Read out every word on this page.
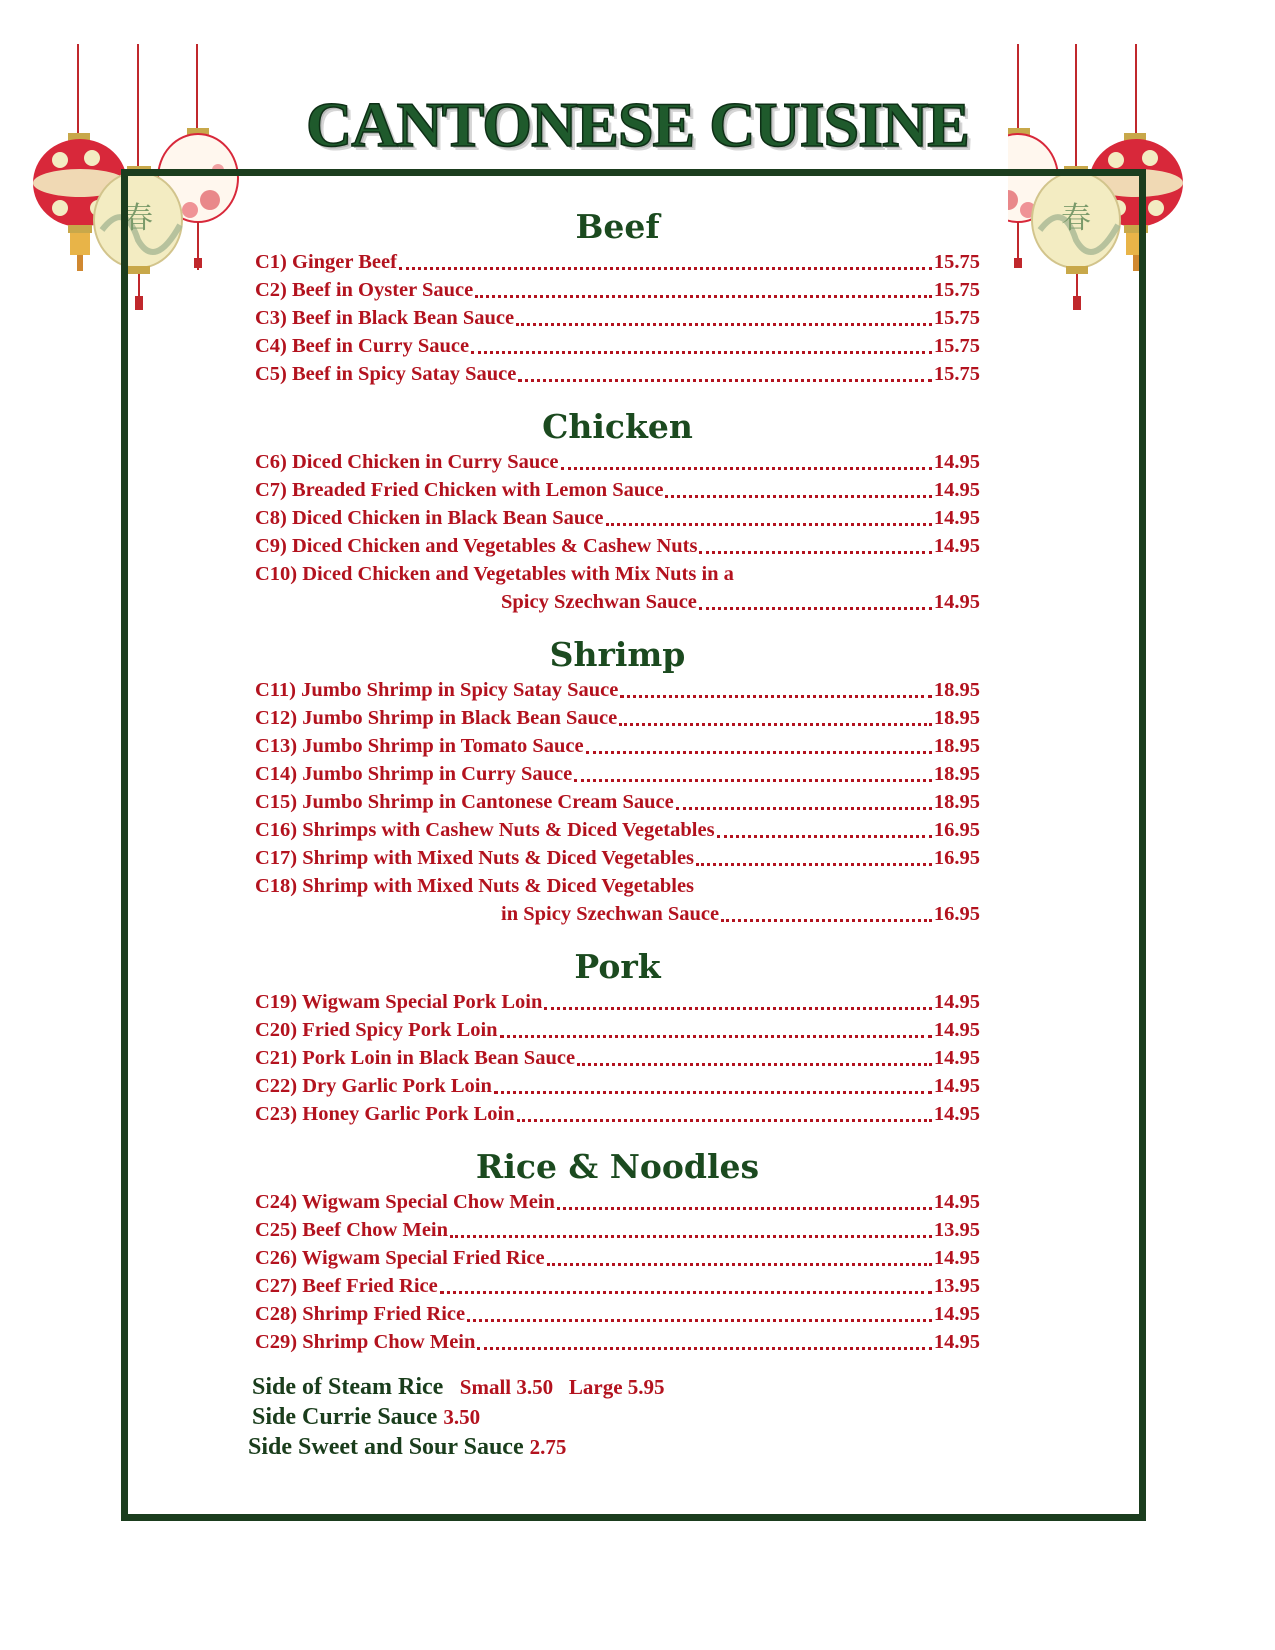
春	春
CANTONESE CUISINE
Beef
C1) Ginger Beef	15.75
C2) Beef in Oyster Sauce	15.75
C3) Beef in Black Bean Sauce	15.75
C4) Beef in Curry Sauce	15.75
C5) Beef in Spicy Satay Sauce	15.75
Chicken
C6) Diced Chicken in Curry Sauce	14.95
C7) Breaded Fried Chicken with Lemon Sauce	14.95
C8) Diced Chicken in Black Bean Sauce	14.95
C9) Diced Chicken and Vegetables & Cashew Nuts	14.95
C10) Diced Chicken and Vegetables with Mix Nuts in a
Spicy Szechwan Sauce	14.95
Shrimp
C11) Jumbo Shrimp in Spicy Satay Sauce	18.95
C12) Jumbo Shrimp in Black Bean Sauce	18.95
C13) Jumbo Shrimp in Tomato Sauce	18.95
C14) Jumbo Shrimp in Curry Sauce	18.95
C15) Jumbo Shrimp in Cantonese Cream Sauce	18.95
C16) Shrimps with Cashew Nuts & Diced Vegetables	16.95
C17) Shrimp with Mixed Nuts & Diced Vegetables	16.95
C18) Shrimp with Mixed Nuts & Diced Vegetables
in Spicy Szechwan Sauce	16.95
Pork
C19) Wigwam Special Pork Loin	14.95
C20) Fried Spicy Pork Loin	14.95
C21) Pork Loin in Black Bean Sauce	14.95
C22) Dry Garlic Pork Loin	14.95
C23) Honey Garlic Pork Loin	14.95
Rice & Noodles
C24) Wigwam Special Chow Mein	14.95
C25) Beef Chow Mein	13.95
C26) Wigwam Special Fried Rice	14.95
C27) Beef Fried Rice	13.95
C28) Shrimp Fried Rice	14.95
C29) Shrimp Chow Mein	14.95
Side of Steam Rice  Small 3.50   Large 5.95
Side Currie Sauce 3.50
Side Sweet and Sour Sauce 2.75
